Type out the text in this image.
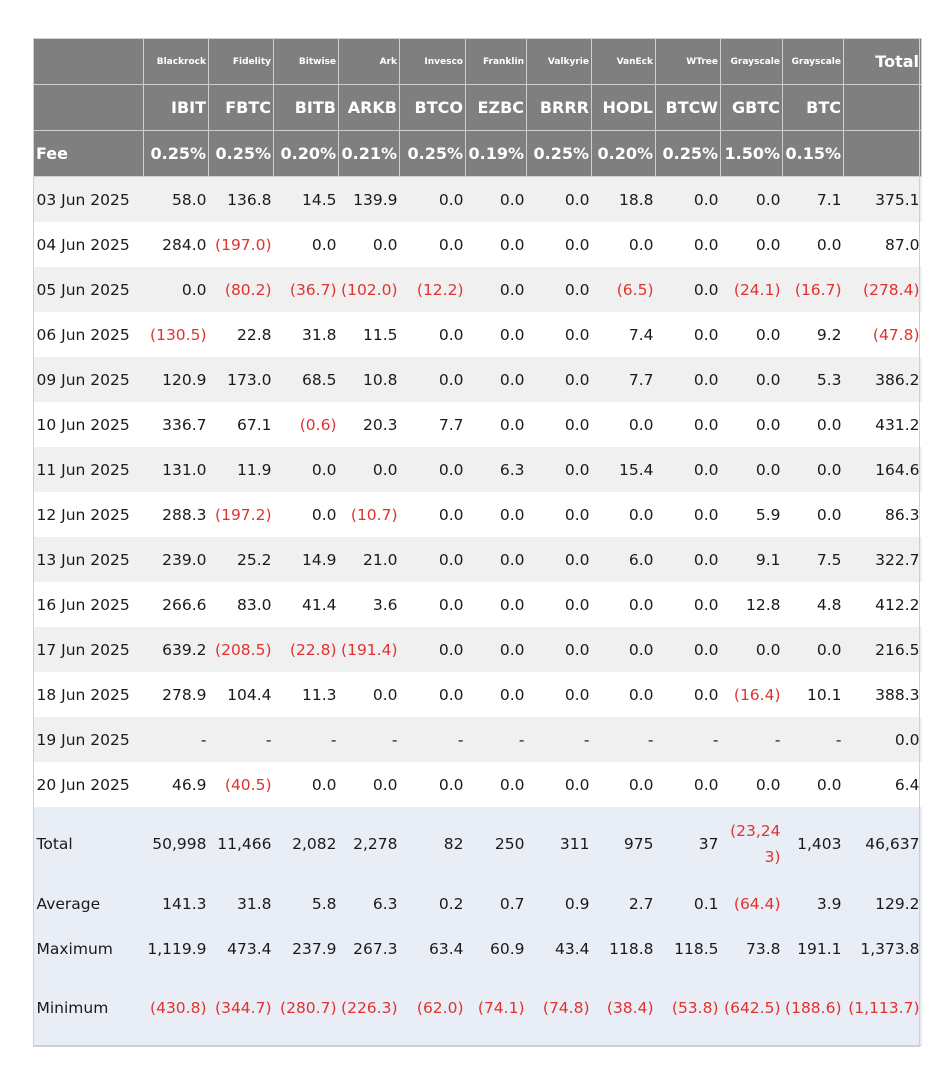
	Blackrock	Fidelity	Bitwise	Ark	Invesco	Franklin	Valkyrie	VanEck	WTree	Grayscale	Grayscale	Total
	IBIT	FBTC	BITB	ARKB	BTCO	EZBC	BRRR	HODL	BTCW	GBTC	BTC	
Fee	0.25%	0.25%	0.20%	0.21%	0.25%	0.19%	0.25%	0.20%	0.25%	1.50%	0.15%	
03 Jun 2025	58.0	136.8	14.5	139.9	0.0	0.0	0.0	18.8	0.0	0.0	7.1	375.1
04 Jun 2025	284.0	(197.0)	0.0	0.0	0.0	0.0	0.0	0.0	0.0	0.0	0.0	87.0
05 Jun 2025	0.0	(80.2)	(36.7)	(102.0)	(12.2)	0.0	0.0	(6.5)	0.0	(24.1)	(16.7)	(278.4)
06 Jun 2025	(130.5)	22.8	31.8	11.5	0.0	0.0	0.0	7.4	0.0	0.0	9.2	(47.8)
09 Jun 2025	120.9	173.0	68.5	10.8	0.0	0.0	0.0	7.7	0.0	0.0	5.3	386.2
10 Jun 2025	336.7	67.1	(0.6)	20.3	7.7	0.0	0.0	0.0	0.0	0.0	0.0	431.2
11 Jun 2025	131.0	11.9	0.0	0.0	0.0	6.3	0.0	15.4	0.0	0.0	0.0	164.6
12 Jun 2025	288.3	(197.2)	0.0	(10.7)	0.0	0.0	0.0	0.0	0.0	5.9	0.0	86.3
13 Jun 2025	239.0	25.2	14.9	21.0	0.0	0.0	0.0	6.0	0.0	9.1	7.5	322.7
16 Jun 2025	266.6	83.0	41.4	3.6	0.0	0.0	0.0	0.0	0.0	12.8	4.8	412.2
17 Jun 2025	639.2	(208.5)	(22.8)	(191.4)	0.0	0.0	0.0	0.0	0.0	0.0	0.0	216.5
18 Jun 2025	278.9	104.4	11.3	0.0	0.0	0.0	0.0	0.0	0.0	(16.4)	10.1	388.3
19 Jun 2025	-	-	-	-	-	-	-	-	-	-	-	0.0
20 Jun 2025	46.9	(40.5)	0.0	0.0	0.0	0.0	0.0	0.0	0.0	0.0	0.0	6.4
Total	50,998	11,466	2,082	2,278	82	250	311	975	37	(23,243)	1,403	46,637
Average	141.3	31.8	5.8	6.3	0.2	0.7	0.9	2.7	0.1	(64.4)	3.9	129.2
Maximum	1,119.9	473.4	237.9	267.3	63.4	60.9	43.4	118.8	118.5	73.8	191.1	1,373.8
Minimum	(430.8)	(344.7)	(280.7)	(226.3)	(62.0)	(74.1)	(74.8)	(38.4)	(53.8)	(642.5)	(188.6)	(1,113.7)
